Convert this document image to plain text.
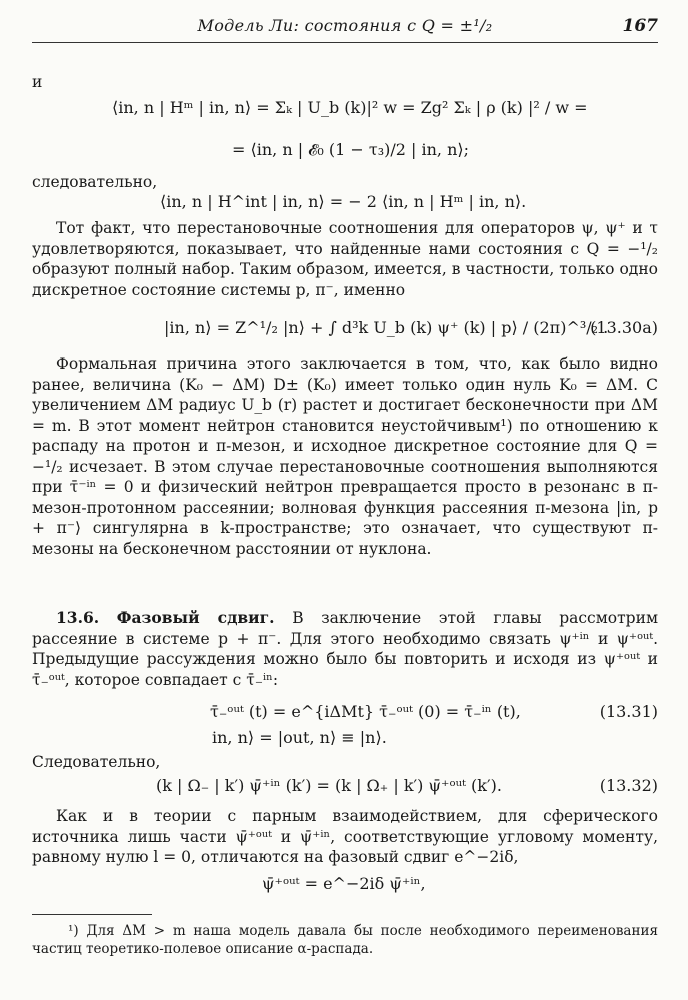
Модель Ли: состояния с Q = ±¹/₂	167
и
⟨in, n | Hᵐ | in, n⟩ = Σₖ | U_b (k)|² w = Zg² Σₖ | ρ (k) |² / w =
= ⟨in, n | 𝓔₀ (1 − τ₃)/2 | in, n⟩;
следовательно,
⟨in, n | H^int | in, n⟩ = − 2 ⟨in, n | Hᵐ | in, n⟩.
Тот факт, что перестановочные соотношения для операторов ψ, ψ⁺ и τ удовлетворяются, показывает, что найденные нами состояния с Q = −¹/₂ образуют полный набор. Таким образом, имеется, в частности, только одно дискретное состояние системы p, π⁻, именно
|in, n⟩ = Z^¹/₂ |n⟩ + ∫ d³k U_b (k) ψ⁺ (k) | p⟩ / (2π)^³/₂ .
(13.30a)
Формальная причина этого заключается в том, что, как было видно ранее, величина (K₀ − ΔM) D± (K₀) имеет только один нуль K₀ = ΔM. С увеличением ΔM радиус U_b (r) растет и достигает бесконечности при ΔM = m. В этот момент нейтрон становится неустойчивым¹) по отношению к распаду на протон и π-мезон, и исходное дискретное состояние для Q = −¹/₂ исчезает. В этом случае перестановочные соотношения выполняются при τ̄⁻ⁱⁿ = 0 и физический нейтрон превращается просто в резонанс в π-мезон-протонном рассеянии; волновая функция рассеяния π-мезона |in, p + π⁻⟩ сингулярна в k-пространстве; это означает, что существуют π-мезоны на бесконечном расстоянии от нуклона.
13.6. Фазовый сдвиг. В заключение этой главы рассмотрим рассеяние в системе p + π⁻. Для этого необходимо связать ψ⁺ⁱⁿ и ψ⁺ᵒᵘᵗ. Предыдущие рассуждения можно было бы повторить и исходя из ψ⁺ᵒᵘᵗ и τ̄₋ᵒᵘᵗ, которое совпадает с τ̄₋ⁱⁿ:
τ̄₋ᵒᵘᵗ (t) = e^{iΔMt} τ̄₋ᵒᵘᵗ (0) = τ̄₋ⁱⁿ (t),	(13.31)
in, n⟩ = |out, n⟩ ≡ |n⟩.
Следовательно,
(k | Ω₋ | k′) ψ̄⁺ⁱⁿ (k′) = (k | Ω₊ | k′) ψ̄⁺ᵒᵘᵗ (k′).	(13.32)
Как и в теории с парным взаимодействием, для сферического источника лишь части ψ̄⁺ᵒᵘᵗ и ψ̄⁺ⁱⁿ, соответствующие угловому моменту, равному нулю l = 0, отличаются на фазовый сдвиг e^−2iδ,
ψ̄⁺ᵒᵘᵗ = e^−2iδ ψ̄⁺ⁱⁿ,
¹) Для ΔM > m наша модель давала бы после необходимого переименования частиц теоретико-полевое описание α-распада.
